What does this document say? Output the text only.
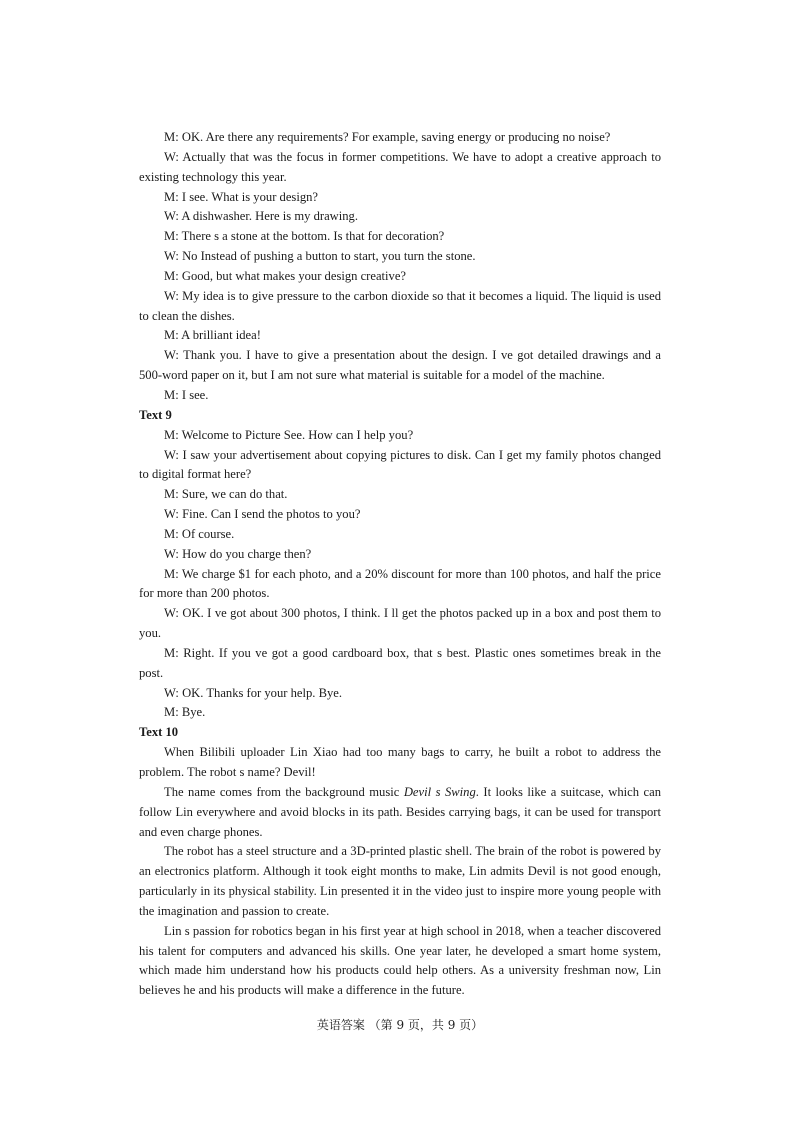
M: OK. Are there any requirements? For example, saving energy or producing no noise?

W: Actually that was the focus in former competitions. We have to adopt a creative approach to existing technology this year.

M: I see. What is your design?

W: A dishwasher. Here is my drawing.

M: There s a stone at the bottom. Is that for decoration?

W: No Instead of pushing a button to start, you turn the stone.

M: Good, but what makes your design creative?

W: My idea is to give pressure to the carbon dioxide so that it becomes a liquid. The liquid is used to clean the dishes.

M: A brilliant idea!

W: Thank you. I have to give a presentation about the design. I ve got detailed drawings and a 500-word paper on it, but I am not sure what material is suitable for a model of the machine.

M: I see.

Text 9

M: Welcome to Picture See. How can I help you?

W: I saw your advertisement about copying pictures to disk. Can I get my family photos changed to digital format here?

M: Sure, we can do that.

W: Fine. Can I send the photos to you?

M: Of course.

W: How do you charge then?

M: We charge $1 for each photo, and a 20% discount for more than 100 photos, and half the price for more than 200 photos.

W: OK. I ve got about 300 photos, I think. I ll get the photos packed up in a box and post them to you.

M: Right. If you ve got a good cardboard box, that s best. Plastic ones sometimes break in the post.

W: OK. Thanks for your help. Bye.

M: Bye.

Text 10

When Bilibili uploader Lin Xiao had too many bags to carry, he built a robot to address the problem. The robot s name? Devil!

The name comes from the background music Devil s Swing. It looks like a suitcase, which can follow Lin everywhere and avoid blocks in its path. Besides carrying bags, it can be used for transport and even charge phones.

The robot has a steel structure and a 3D-printed plastic shell. The brain of the robot is powered by an electronics platform. Although it took eight months to make, Lin admits Devil is not good enough, particularly in its physical stability. Lin presented it in the video just to inspire more young people with the imagination and passion to create.

Lin s passion for robotics began in his first year at high school in 2018, when a teacher discovered his talent for computers and advanced his skills. One year later, he developed a smart home system, which made him understand how his products could help others. As a university freshman now, Lin believes he and his products will make a difference in the future.

英语答案 （第 9 页，共 9 页）
